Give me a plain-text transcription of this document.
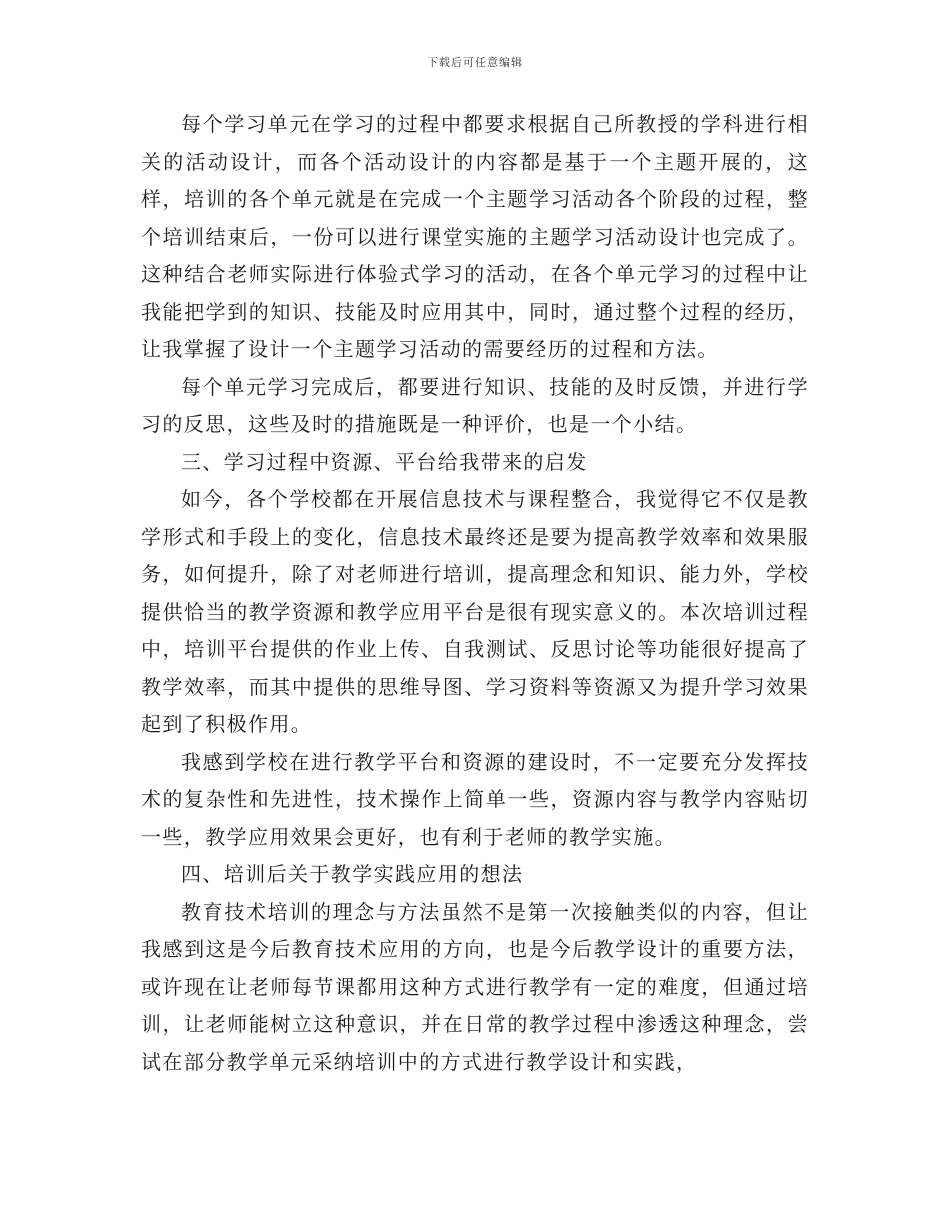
下载后可任意编辑

每个学习单元在学习的过程中都要求根据自己所教授的学科进行相关的活动设计，而各个活动设计的内容都是基于一个主题开展的，这样，培训的各个单元就是在完成一个主题学习活动各个阶段的过程，整个培训结束后，一份可以进行课堂实施的主题学习活动设计也完成了。这种结合老师实际进行体验式学习的活动，在各个单元学习的过程中让我能把学到的知识、技能及时应用其中，同时，通过整个过程的经历，让我掌握了设计一个主题学习活动的需要经历的过程和方法。

每个单元学习完成后，都要进行知识、技能的及时反馈，并进行学习的反思，这些及时的措施既是一种评价，也是一个小结。

三、学习过程中资源、平台给我带来的启发

如今，各个学校都在开展信息技术与课程整合，我觉得它不仅是教学形式和手段上的变化，信息技术最终还是要为提高教学效率和效果服务，如何提升，除了对老师进行培训，提高理念和知识、能力外，学校提供恰当的教学资源和教学应用平台是很有现实意义的。本次培训过程中，培训平台提供的作业上传、自我测试、反思讨论等功能很好提高了教学效率，而其中提供的思维导图、学习资料等资源又为提升学习效果起到了积极作用。

我感到学校在进行教学平台和资源的建设时，不一定要充分发挥技术的复杂性和先进性，技术操作上简单一些，资源内容与教学内容贴切一些，教学应用效果会更好，也有利于老师的教学实施。

四、培训后关于教学实践应用的想法

教育技术培训的理念与方法虽然不是第一次接触类似的内容，但让我感到这是今后教育技术应用的方向，也是今后教学设计的重要方法，或许现在让老师每节课都用这种方式进行教学有一定的难度，但通过培训，让老师能树立这种意识，并在日常的教学过程中渗透这种理念，尝试在部分教学单元采纳培训中的方式进行教学设计和实践，
